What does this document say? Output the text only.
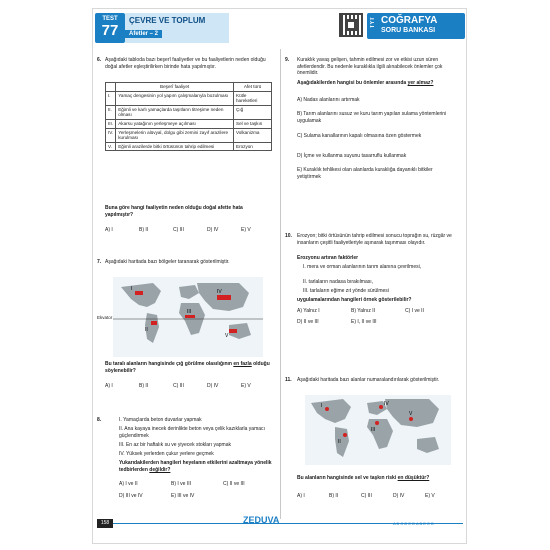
TEST
77
ÇEVRE VE TOPLUM
Afetler – 2
TYT COĞRAFYA
SORU BANKASI
6. Aşağıdaki tabloda bazı beşerî faaliyetler ve bu faaliyetlerin neden olduğu doğal afetler eşleştirilirken birinde hata yapılmıştır.
	Beşerî faaliyet	Afet türü
I.	Yamaç dengesinin yol yapım çalışmalarıyla bozulması	Kütle hareketleri
II.	Eğimli ve karlı yamaçlarda taşıtların titreşime neden olması	Çığ
III.	Akarsu yatağının yerleşmeye açılması	Sel ve taşkın
IV.	Yerleşmelerin alüvyal, dolgu gibi zemini zayıf arazilere kurulması	Volkanizma
V.	Eğimli arazilerde bitki örtüsünün tahrip edilmesi	Erozyon
Buna göre hangi faaliyetin neden olduğu doğal afette hata yapılmıştır?
A) I	B) II	C) III	D) IV	E) V
7. Aşağıdaki haritada bazı bölgeler taranarak gösterilmiştir.
I
II
III
IV
V
Ekvator
Bu taralı alanların hangisinde çığ görülme olasılığının en fazla olduğu söylenebilir?
A) I	B) II	C) III	D) IV	E) V
8.	I. Yamaçlarda beton duvarlar yapmak
II. Ana kayaya inecek derinlikte beton veya çelik kazıklarla yamacı güçlendirmek
III. En az bir haftalık su ve yiyecek stokları yapmak
IV. Yüksek yerlerden çukur yerlere geçmek
Yukarıdakilerden hangileri heyelanın etkilerini azaltmaya yönelik tedbirlerden değildir?
A) I ve II	B) I ve III	C) II ve III
D) III ve IV	E) III ve IV
9. Kuraklık yavaş gelişen, tahmin edilmesi zor ve etkisi uzun süren afetlerdendir. Bu nedenle kuraklıkla ilgili alınabilecek önlemler çok önemlidir.
Aşağıdakilerden hangisi bu önlemler arasında yer almaz?
A) Nadas alanlarını artırmak
B) Tarım alanlarını susuz ve kuru tarım yapılan sulama yöntemlerini uygulamak
C) Sulama kanallarının kapalı olmasına özen göstermek
D) İçme ve kullanma suyunu tasarruflu kullanmak
E) Kuraklık tehlikesi olan alanlarda kuraklığa dayanıklı bitkiler yetiştirmek
10. Erozyon; bitki örtüsünün tahrip edilmesi sonucu toprağın su, rüzgâr ve insanların çeşitli faaliyetleriyle aşınarak taşınması olayıdır.
Erozyonu artıran faktörler
I. mera ve orman alanlarının tarım alanına çevrilmesi,
II. tarlaların nadasa bırakılması,
III. tarlaların eğime zıt yönde sürülmesi
uygulamalarından hangileri örnek gösterilebilir?
A) Yalnız I	B) Yalnız II	C) I ve II
D) II ve III	E) I, II ve III
11. Aşağıdaki haritada bazı alanlar numaralandırılarak gösterilmiştir.
I
II
III
IV
V
Bu alanların hangisinde sel ve taşkın riski en düşüktür?
A) I	B) II	C) III	D) IV	E) V
158	ZEDUVA	A B C D E D A B E C D
